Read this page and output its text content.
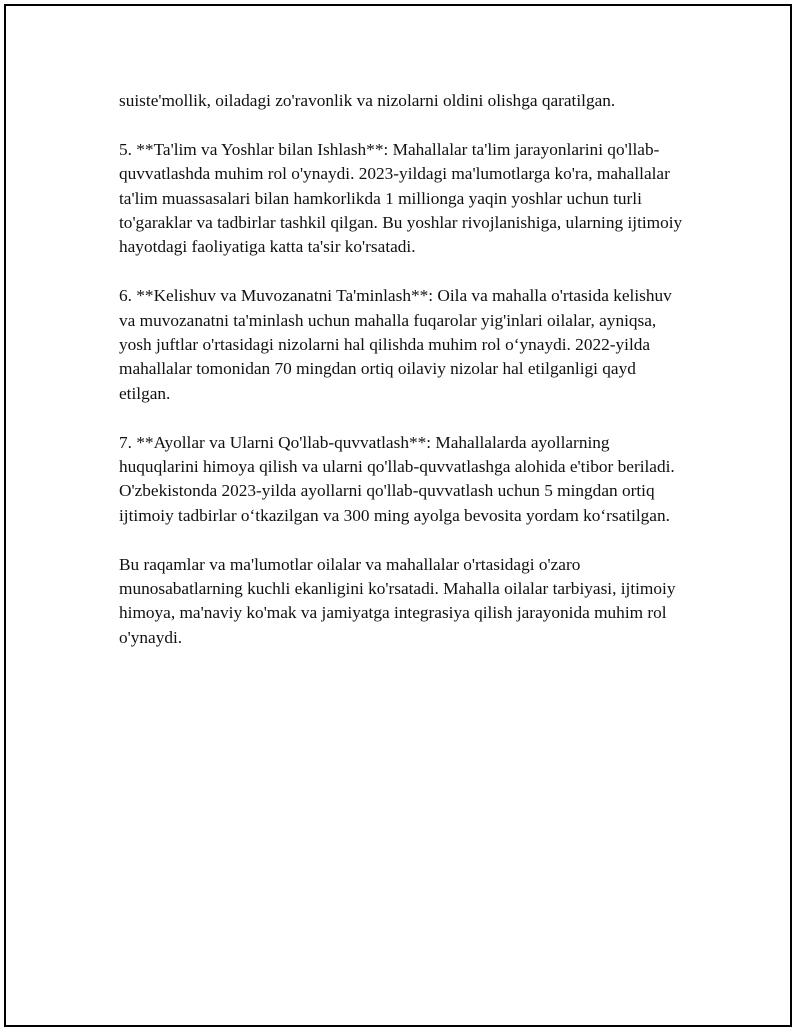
suiste'mollik, oiladagi zo'ravonlik va nizolarni oldini olishga qaratilgan.

5. **Ta'lim va Yoshlar bilan Ishlash**: Mahallalar ta'lim jarayonlarini qo'llab-quvvatlashda muhim rol o'ynaydi. 2023-yildagi ma'lumotlarga ko'ra, mahallalar ta'lim muassasalari bilan hamkorlikda 1 millionga yaqin yoshlar uchun turli to'garaklar va tadbirlar tashkil qilgan. Bu yoshlar rivojlanishiga, ularning ijtimoiy hayotdagi faoliyatiga katta ta'sir ko'rsatadi.

6. **Kelishuv va Muvozanatni Ta'minlash**: Oila va mahalla o'rtasida kelishuv va muvozanatni ta'minlash uchun mahalla fuqarolar yig'inlari oilalar, ayniqsa, yosh juftlar o'rtasidagi nizolarni hal qilishda muhim rol oʻynaydi. 2022-yilda mahallalar tomonidan 70 mingdan ortiq oilaviy nizolar hal etilganligi qayd etilgan.

7. **Ayollar va Ularni Qo'llab-quvvatlash**: Mahallalarda ayollarning huquqlarini himoya qilish va ularni qo'llab-quvvatlashga alohida e'tibor beriladi. O'zbekistonda 2023-yilda ayollarni qo'llab-quvvatlash uchun 5 mingdan ortiq ijtimoiy tadbirlar oʻtkazilgan va 300 ming ayolga bevosita yordam koʻrsatilgan.

Bu raqamlar va ma'lumotlar oilalar va mahallalar o'rtasidagi o'zaro munosabatlarning kuchli ekanligini ko'rsatadi. Mahalla oilalar tarbiyasi, ijtimoiy himoya, ma'naviy ko'mak va jamiyatga integrasiya qilish jarayonida muhim rol o'ynaydi.
